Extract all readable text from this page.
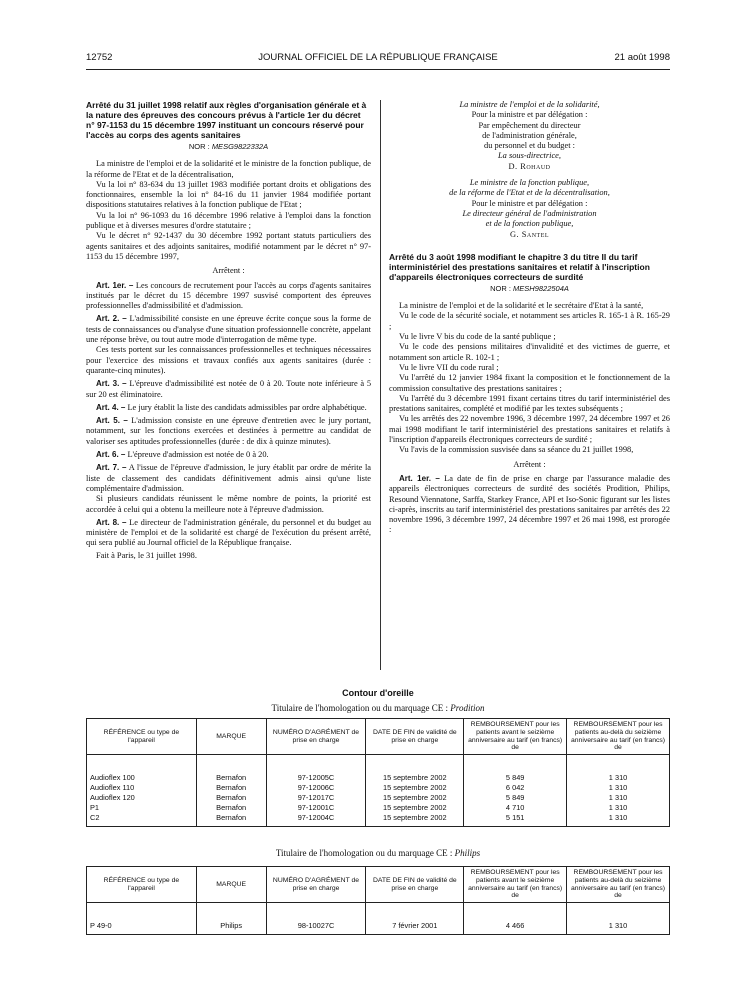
12752	JOURNAL OFFICIEL DE LA RÉPUBLIQUE FRANÇAISE	21 août 1998
Arrêté du 31 juillet 1998 relatif aux règles d'organisation générale et à la nature des épreuves des concours prévus à l'article 1er du décret n° 97-1153 du 15 décembre 1997 instituant un concours réservé pour l'accès au corps des agents sanitaires
NOR : MESG9822332A

La ministre de l'emploi et de la solidarité et le ministre de la fonction publique, de la réforme de l'Etat et de la décentralisation,

Vu la loi n° 83-634 du 13 juillet 1983 modifiée portant droits et obligations des fonctionnaires, ensemble la loi n° 84-16 du 11 janvier 1984 modifiée portant dispositions statutaires relatives à la fonction publique de l'Etat ;

Vu la loi n° 96-1093 du 16 décembre 1996 relative à l'emploi dans la fonction publique et à diverses mesures d'ordre statutaire ;

Vu le décret n° 92-1437 du 30 décembre 1992 portant statuts particuliers des agents sanitaires et des adjoints sanitaires, modifié notamment par le décret n° 97-1153 du 15 décembre 1997,

Arrêtent :

Art. 1er. – Les concours de recrutement pour l'accès au corps d'agents sanitaires institués par le décret du 15 décembre 1997 susvisé comportent des épreuves professionnelles d'admissibilité et d'admission.

Art. 2. – L'admissibilité consiste en une épreuve écrite conçue sous la forme de tests de connaissances ou d'analyse d'une situation professionnelle concrète, appelant une réponse brève, ou tout autre mode d'interrogation de même type.

Ces tests portent sur les connaissances professionnelles et techniques nécessaires pour l'exercice des missions et travaux confiés aux agents sanitaires (durée : quarante-cinq minutes).

Art. 3. – L'épreuve d'admissibilité est notée de 0 à 20. Toute note inférieure à 5 sur 20 est éliminatoire.

Art. 4. – Le jury établit la liste des candidats admissibles par ordre alphabétique.

Art. 5. – L'admission consiste en une épreuve d'entretien avec le jury portant, notamment, sur les fonctions exercées et destinées à permettre au candidat de valoriser ses aptitudes professionnelles (durée : de dix à quinze minutes).

Art. 6. – L'épreuve d'admission est notée de 0 à 20.

Art. 7. – A l'issue de l'épreuve d'admission, le jury établit par ordre de mérite la liste de classement des candidats définitivement admis ainsi qu'une liste complémentaire d'admission.

Si plusieurs candidats réunissent le même nombre de points, la priorité est accordée à celui qui a obtenu la meilleure note à l'épreuve d'admission.

Art. 8. – Le directeur de l'administration générale, du personnel et du budget au ministère de l'emploi et de la solidarité est chargé de l'exécution du présent arrêté, qui sera publié au Journal officiel de la République française.

Fait à Paris, le 31 juillet 1998.

La ministre de l'emploi et de la solidarité,

Pour la ministre et par délégation :

Par empêchement du directeur

de l'administration générale,

du personnel et du budget :

La sous-directrice,

D. Rohaud

Le ministre de la fonction publique,

de la réforme de l'Etat et de la décentralisation,

Pour le ministre et par délégation :

Le directeur général de l'administration

et de la fonction publique,

G. Santel

Arrêté du 3 août 1998 modifiant le chapitre 3 du titre II du tarif interministériel des prestations sanitaires et relatif à l'inscription d'appareils électroniques correcteurs de surdité
NOR : MESH9822504A

La ministre de l'emploi et de la solidarité et le secrétaire d'Etat à la santé,

Vu le code de la sécurité sociale, et notamment ses articles R. 165-1 à R. 165-29 ;

Vu le livre V bis du code de la santé publique ;

Vu le code des pensions militaires d'invalidité et des victimes de guerre, et notamment son article R. 102-1 ;

Vu le livre VII du code rural ;

Vu l'arrêté du 12 janvier 1984 fixant la composition et le fonctionnement de la commission consultative des prestations sanitaires ;

Vu l'arrêté du 3 décembre 1991 fixant certains titres du tarif interministériel des prestations sanitaires, complété et modifié par les textes subséquents ;

Vu les arrêtés des 22 novembre 1996, 3 décembre 1997, 24 décembre 1997 et 26 mai 1998 modifiant le tarif interministériel des prestations sanitaires et relatifs à l'inscription d'appareils électroniques correcteurs de surdité ;

Vu l'avis de la commission susvisée dans sa séance du 21 juillet 1998,

Arrêtent :

Art. 1er. – La date de fin de prise en charge par l'assurance maladie des appareils électroniques correcteurs de surdité des sociétés Prodition, Philips, Resound Viennatone, Sarffa, Starkey France, API et Iso-Sonic figurant sur les listes ci-après, inscrits au tarif interministériel des prestations sanitaires par arrêtés des 22 novembre 1996, 3 décembre 1997, 24 décembre 1997 et 26 mai 1998, est prorogée :

Contour d'oreille
Titulaire de l'homologation ou du marquage CE : Prodition
RÉFÉRENCE ou type de l'appareil	MARQUE	NUMÉRO D'AGRÉMENT de prise en charge	DATE DE FIN de validité de prise en charge	REMBOURSEMENT pour les patients avant le seizième anniversaire au tarif (en francs) de	REMBOURSEMENT pour les patients au-delà du seizième anniversaire au tarif (en francs) de

Audioflex 100	Bernafon	97-12005C	15 septembre 2002	5 849	1 310
Audioflex 110	Bernafon	97-12006C	15 septembre 2002	6 042	1 310
Audioflex 120	Bernafon	97-12017C	15 septembre 2002	5 849	1 310
P1	Bernafon	97-12001C	15 septembre 2002	4 710	1 310
C2	Bernafon	97-12004C	15 septembre 2002	5 151	1 310
Titulaire de l'homologation ou du marquage CE : Philips
RÉFÉRENCE ou type de l'appareil	MARQUE	NUMÉRO D'AGRÉMENT de prise en charge	DATE DE FIN de validité de prise en charge	REMBOURSEMENT pour les patients avant le seizième anniversaire au tarif (en francs) de	REMBOURSEMENT pour les patients au-delà du seizième anniversaire au tarif (en francs) de

P 49-0	Philips	98-10027C	7 février 2001	4 466	1 310
